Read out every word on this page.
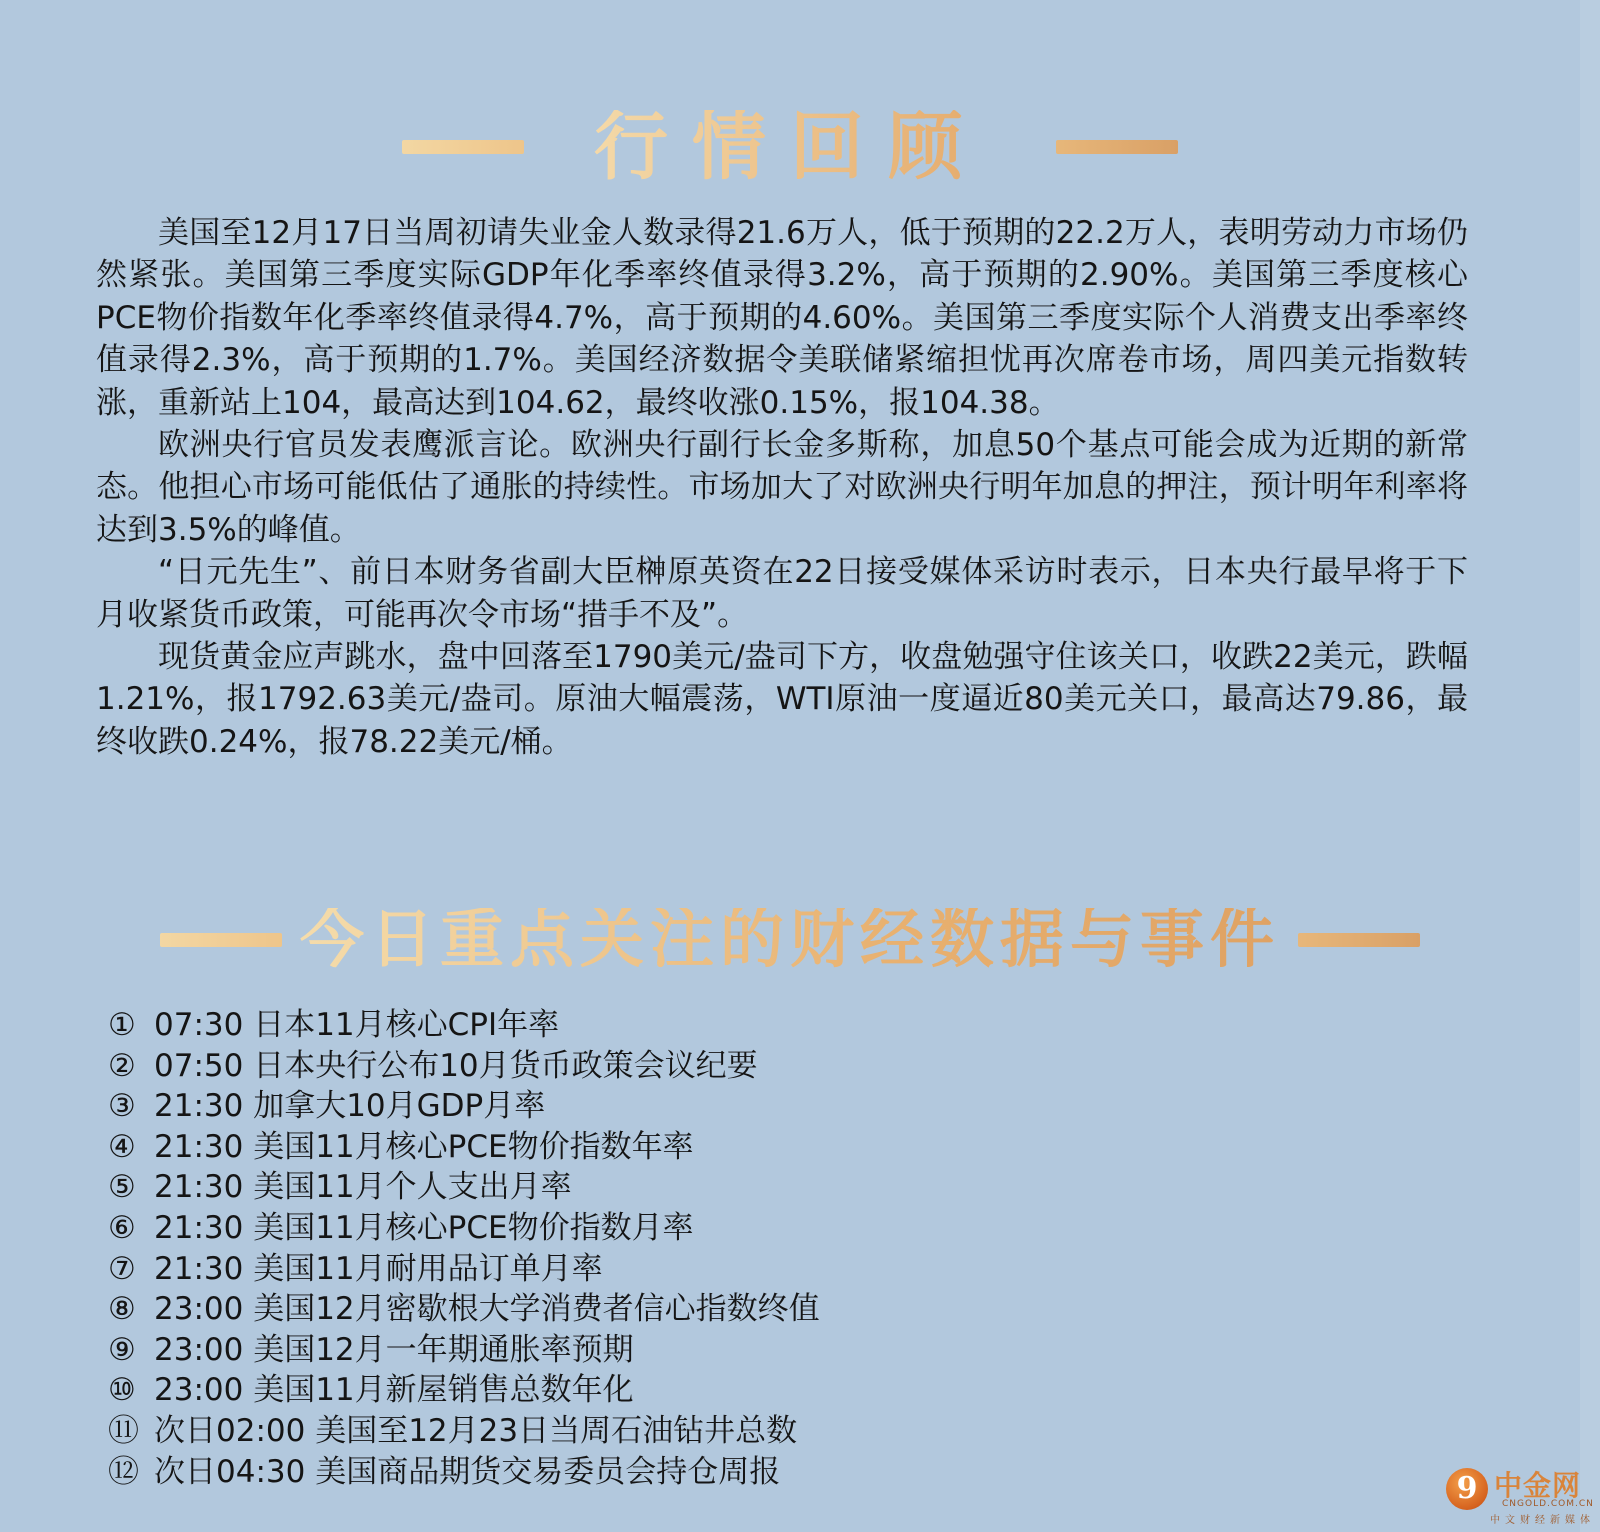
行情回顾

美国至12月17日当周初请失业金人数录得21.6万人，低于预期的22.2万人，表明劳动力市场仍然紧张。美国第三季度实际GDP年化季率终值录得3.2%，高于预期的2.90%。美国第三季度核心PCE物价指数年化季率终值录得4.7%，高于预期的4.60%。美国第三季度实际个人消费支出季率终值录得2.3%，高于预期的1.7%。美国经济数据令美联储紧缩担忧再次席卷市场，周四美元指数转涨，重新站上104，最高达到104.62，最终收涨0.15%，报104.38。

欧洲央行官员发表鹰派言论。欧洲央行副行长金多斯称，加息50个基点可能会成为近期的新常态。他担心市场可能低估了通胀的持续性。市场加大了对欧洲央行明年加息的押注，预计明年利率将达到3.5%的峰值。

“日元先生”、前日本财务省副大臣榊原英资在22日接受媒体采访时表示，日本央行最早将于下月收紧货币政策，可能再次令市场“措手不及”。

现货黄金应声跳水，盘中回落至1790美元/盎司下方，收盘勉强守住该关口，收跌22美元，跌幅1.21%，报1792.63美元/盎司。原油大幅震荡，WTI原油一度逼近80美元关口，最高达79.86，最终收跌0.24%，报78.22美元/桶。

今日重点关注的财经数据与事件
① 07:30 日本11月核心CPI年率
② 07:50 日本央行公布10月货币政策会议纪要
③ 21:30 加拿大10月GDP月率
④ 21:30 美国11月核心PCE物价指数年率
⑤ 21:30 美国11月个人支出月率
⑥ 21:30 美国11月核心PCE物价指数月率
⑦ 21:30 美国11月耐用品订单月率
⑧ 23:00 美国12月密歇根大学消费者信心指数终值
⑨ 23:00 美国12月一年期通胀率预期
⑩ 23:00 美国11月新屋销售总数年化
⑪ 次日02:00 美国至12月23日当周石油钻井总数
⑫ 次日04:30 美国商品期货交易委员会持仓周报	9 中金网
CNGOLD.COM.CN
中文财经新媒体
